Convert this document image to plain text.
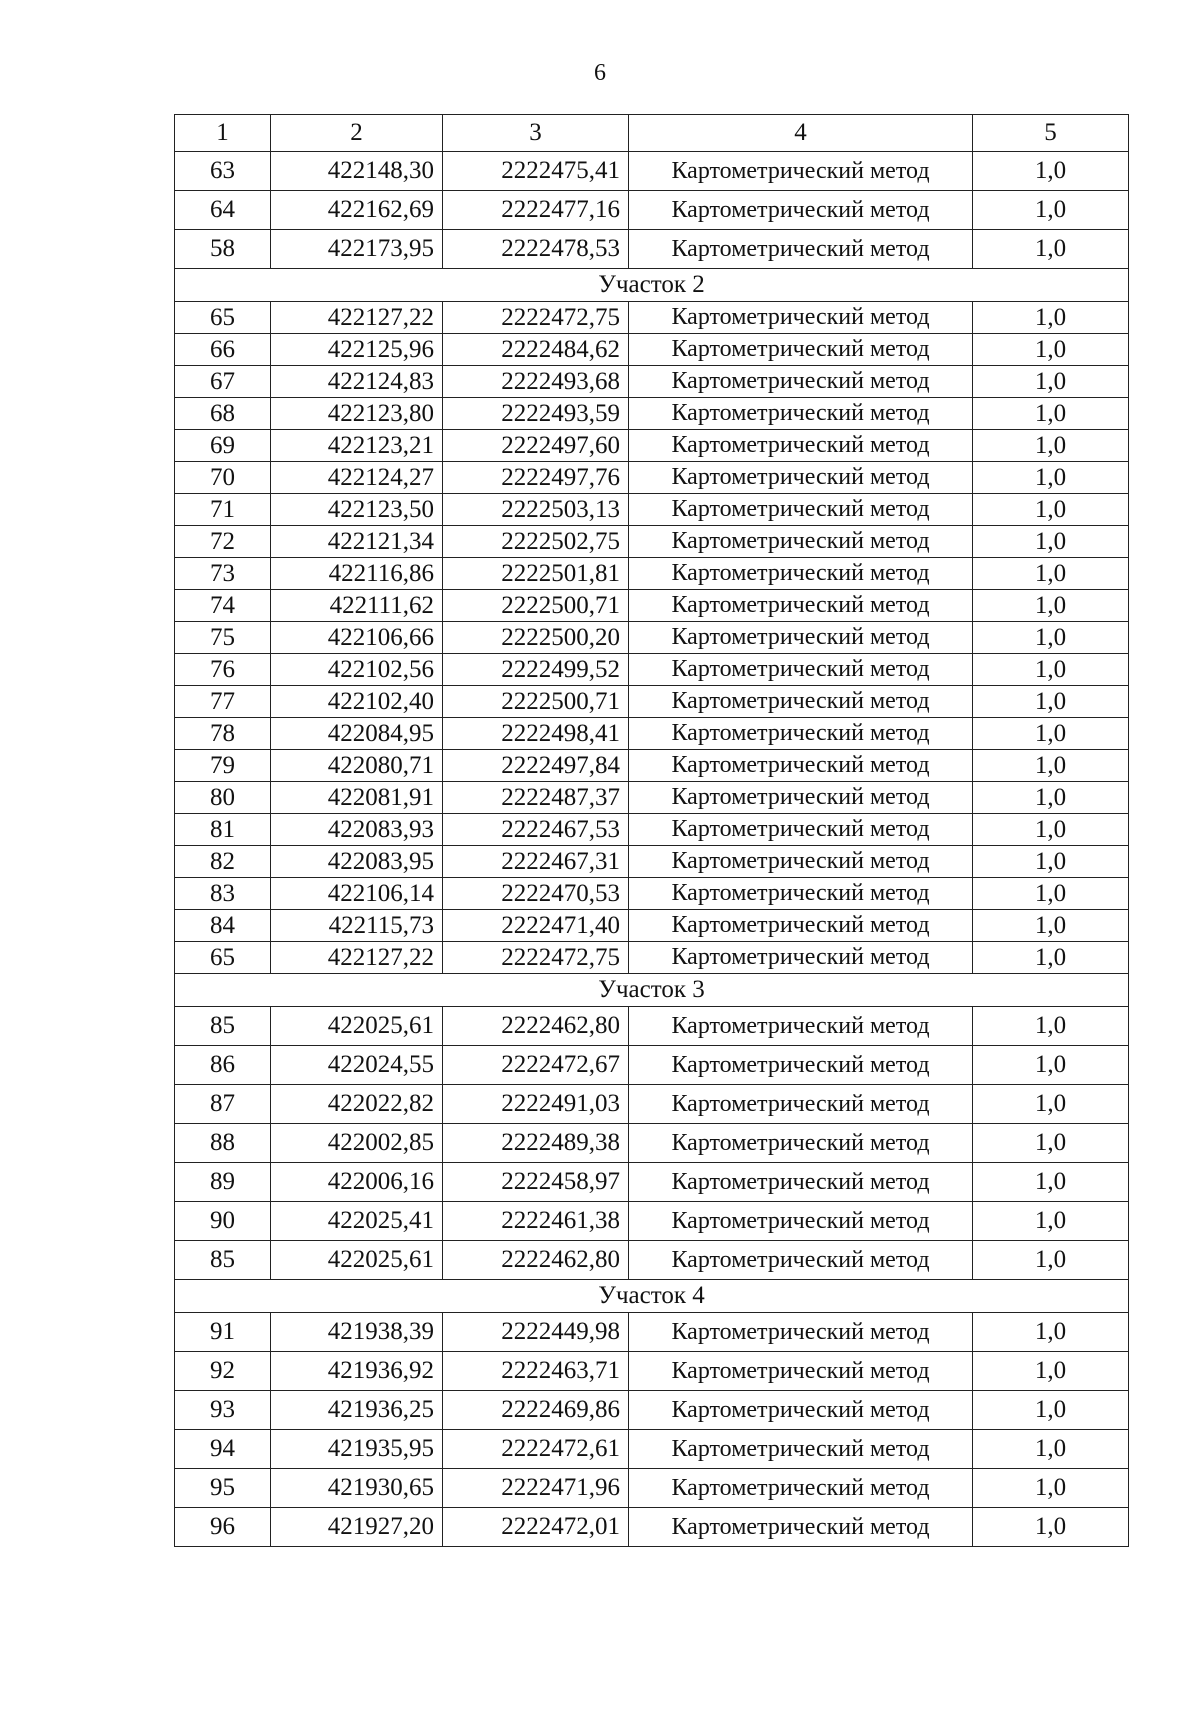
6
1	2	3	4	5
63	422148,30	2222475,41	Картометрический метод	1,0
64	422162,69	2222477,16	Картометрический метод	1,0
58	422173,95	2222478,53	Картометрический метод	1,0
Участок 2				
65	422127,22	2222472,75	Картометрический метод	1,0
66	422125,96	2222484,62	Картометрический метод	1,0
67	422124,83	2222493,68	Картометрический метод	1,0
68	422123,80	2222493,59	Картометрический метод	1,0
69	422123,21	2222497,60	Картометрический метод	1,0
70	422124,27	2222497,76	Картометрический метод	1,0
71	422123,50	2222503,13	Картометрический метод	1,0
72	422121,34	2222502,75	Картометрический метод	1,0
73	422116,86	2222501,81	Картометрический метод	1,0
74	422111,62	2222500,71	Картометрический метод	1,0
75	422106,66	2222500,20	Картометрический метод	1,0
76	422102,56	2222499,52	Картометрический метод	1,0
77	422102,40	2222500,71	Картометрический метод	1,0
78	422084,95	2222498,41	Картометрический метод	1,0
79	422080,71	2222497,84	Картометрический метод	1,0
80	422081,91	2222487,37	Картометрический метод	1,0
81	422083,93	2222467,53	Картометрический метод	1,0
82	422083,95	2222467,31	Картометрический метод	1,0
83	422106,14	2222470,53	Картометрический метод	1,0
84	422115,73	2222471,40	Картометрический метод	1,0
65	422127,22	2222472,75	Картометрический метод	1,0
Участок 3				
85	422025,61	2222462,80	Картометрический метод	1,0
86	422024,55	2222472,67	Картометрический метод	1,0
87	422022,82	2222491,03	Картометрический метод	1,0
88	422002,85	2222489,38	Картометрический метод	1,0
89	422006,16	2222458,97	Картометрический метод	1,0
90	422025,41	2222461,38	Картометрический метод	1,0
85	422025,61	2222462,80	Картометрический метод	1,0
Участок 4				
91	421938,39	2222449,98	Картометрический метод	1,0
92	421936,92	2222463,71	Картометрический метод	1,0
93	421936,25	2222469,86	Картометрический метод	1,0
94	421935,95	2222472,61	Картометрический метод	1,0
95	421930,65	2222471,96	Картометрический метод	1,0
96	421927,20	2222472,01	Картометрический метод	1,0
